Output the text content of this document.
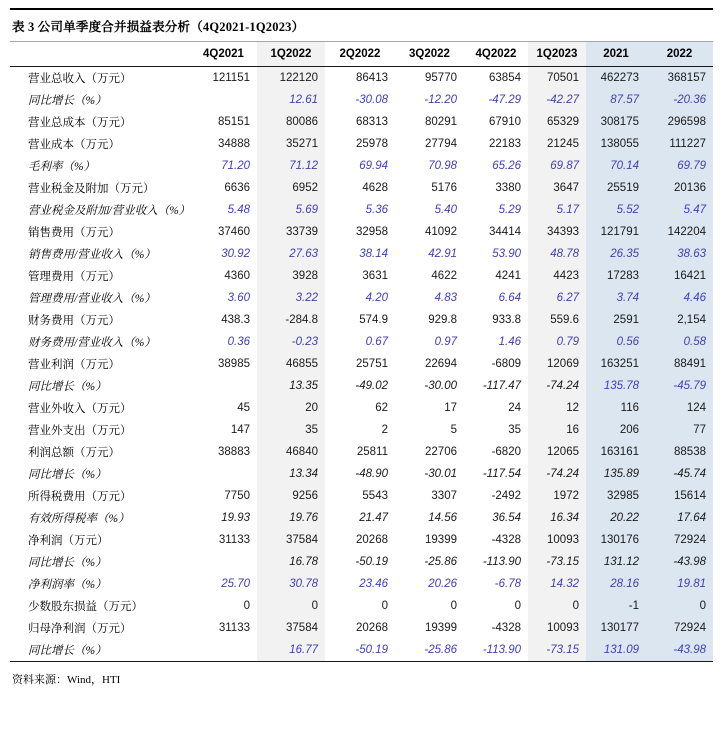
表 3 公司单季度合并损益表分析（4Q2021-1Q2023）
	4Q2021	1Q2022	2Q2022	3Q2022	4Q2022	1Q2023	2021	2022
营业总收入（万元）	121151	122120	86413	95770	63854	70501	462273	368157
同比增长（%）		12.61	-30.08	-12.20	-47.29	-42.27	87.57	-20.36
营业总成本（万元）	85151	80086	68313	80291	67910	65329	308175	296598
营业成本（万元）	34888	35271	25978	27794	22183	21245	138055	111227
毛利率（%）	71.20	71.12	69.94	70.98	65.26	69.87	70.14	69.79
营业税金及附加（万元）	6636	6952	4628	5176	3380	3647	25519	20136
营业税金及附加/营业收入（%）	5.48	5.69	5.36	5.40	5.29	5.17	5.52	5.47
销售费用（万元）	37460	33739	32958	41092	34414	34393	121791	142204
销售费用/营业收入（%）	30.92	27.63	38.14	42.91	53.90	48.78	26.35	38.63
管理费用（万元）	4360	3928	3631	4622	4241	4423	17283	16421
管理费用/营业收入（%）	3.60	3.22	4.20	4.83	6.64	6.27	3.74	4.46
财务费用（万元）	438.3	-284.8	574.9	929.8	933.8	559.6	2591	2,154
财务费用/营业收入（%）	0.36	-0.23	0.67	0.97	1.46	0.79	0.56	0.58
营业利润（万元）	38985	46855	25751	22694	-6809	12069	163251	88491
同比增长（%）		13.35	-49.02	-30.00	-117.47	-74.24	135.78	-45.79
营业外收入（万元）	45	20	62	17	24	12	116	124
营业外支出（万元）	147	35	2	5	35	16	206	77
利润总额（万元）	38883	46840	25811	22706	-6820	12065	163161	88538
同比增长（%）		13.34	-48.90	-30.01	-117.54	-74.24	135.89	-45.74
所得税费用（万元）	7750	9256	5543	3307	-2492	1972	32985	15614
有效所得税率（%）	19.93	19.76	21.47	14.56	36.54	16.34	20.22	17.64
净利润（万元）	31133	37584	20268	19399	-4328	10093	130176	72924
同比增长（%）		16.78	-50.19	-25.86	-113.90	-73.15	131.12	-43.98
净利润率（%）	25.70	30.78	23.46	20.26	-6.78	14.32	28.16	19.81
少数股东损益（万元）	0	0	0	0	0	0	-1	0
归母净利润（万元）	31133	37584	20268	19399	-4328	10093	130177	72924
同比增长（%）		16.77	-50.19	-25.86	-113.90	-73.15	131.09	-43.98
资料来源：Wind，HTI
